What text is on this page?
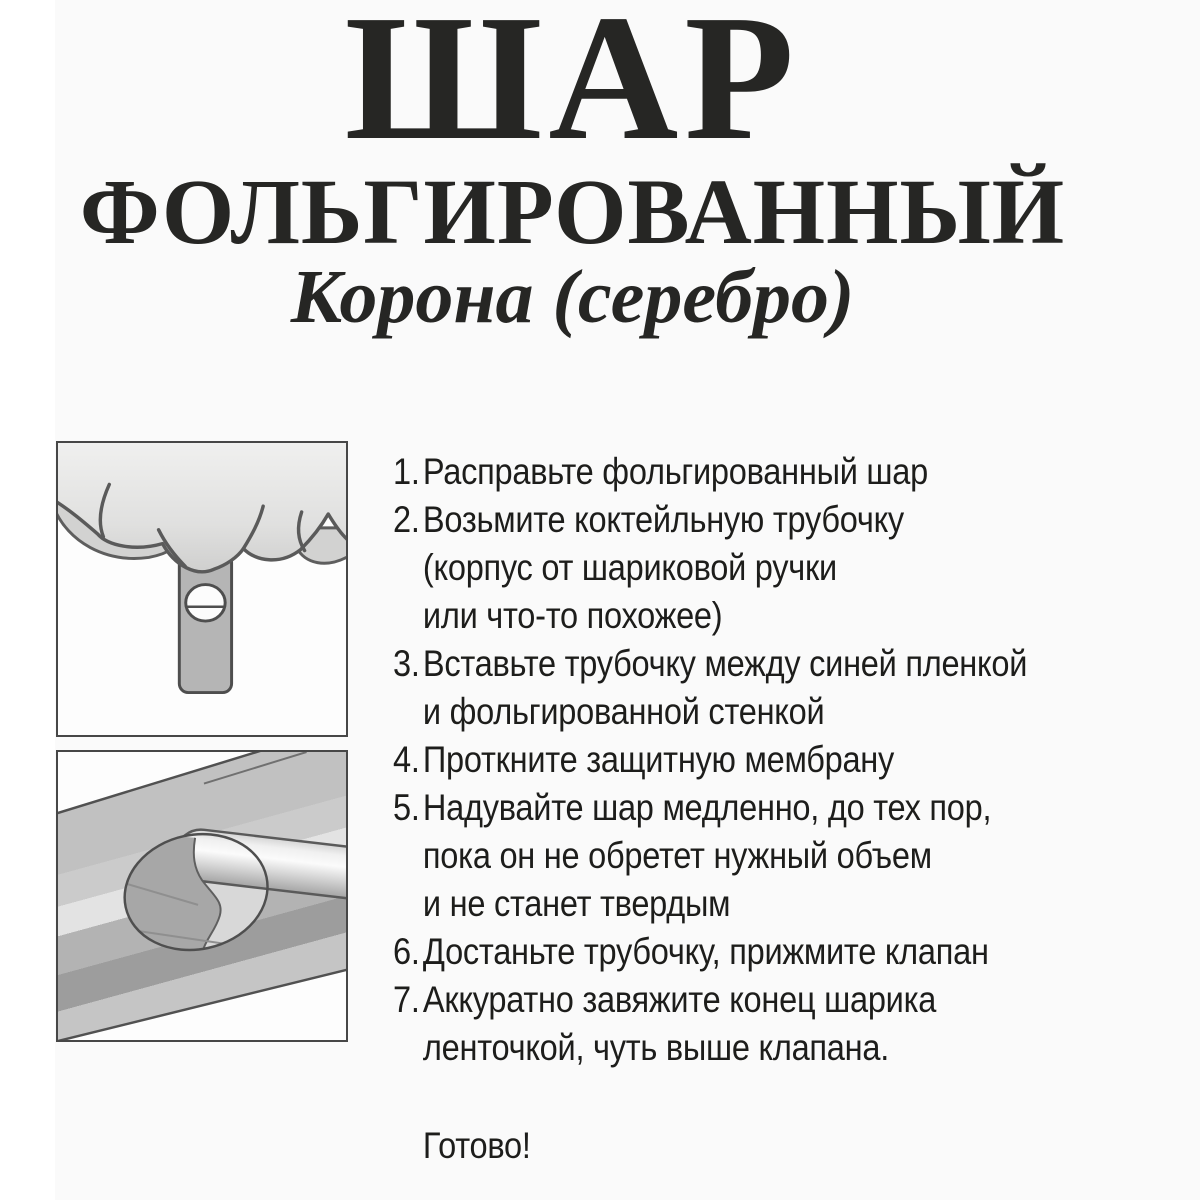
ШАР
ФОЛЬГИРОВАННЫЙ
Корона (серебро)
1. Расправьте фольгированный шар
2. Возьмите коктейльную трубочку
(корпус от шариковой ручки
или что-то похожее)
3. Вставьте трубочку между синей пленкой
и фольгированной стенкой
4. Проткните защитную мембрану
5. Надувайте шар медленно, до тех пор,
пока он не обретет нужный объем
и не станет твердым
6. Достаньте трубочку, прижмите клапан
7. Аккуратно завяжите конец шарика
ленточкой, чуть выше клапана.
Готово!
